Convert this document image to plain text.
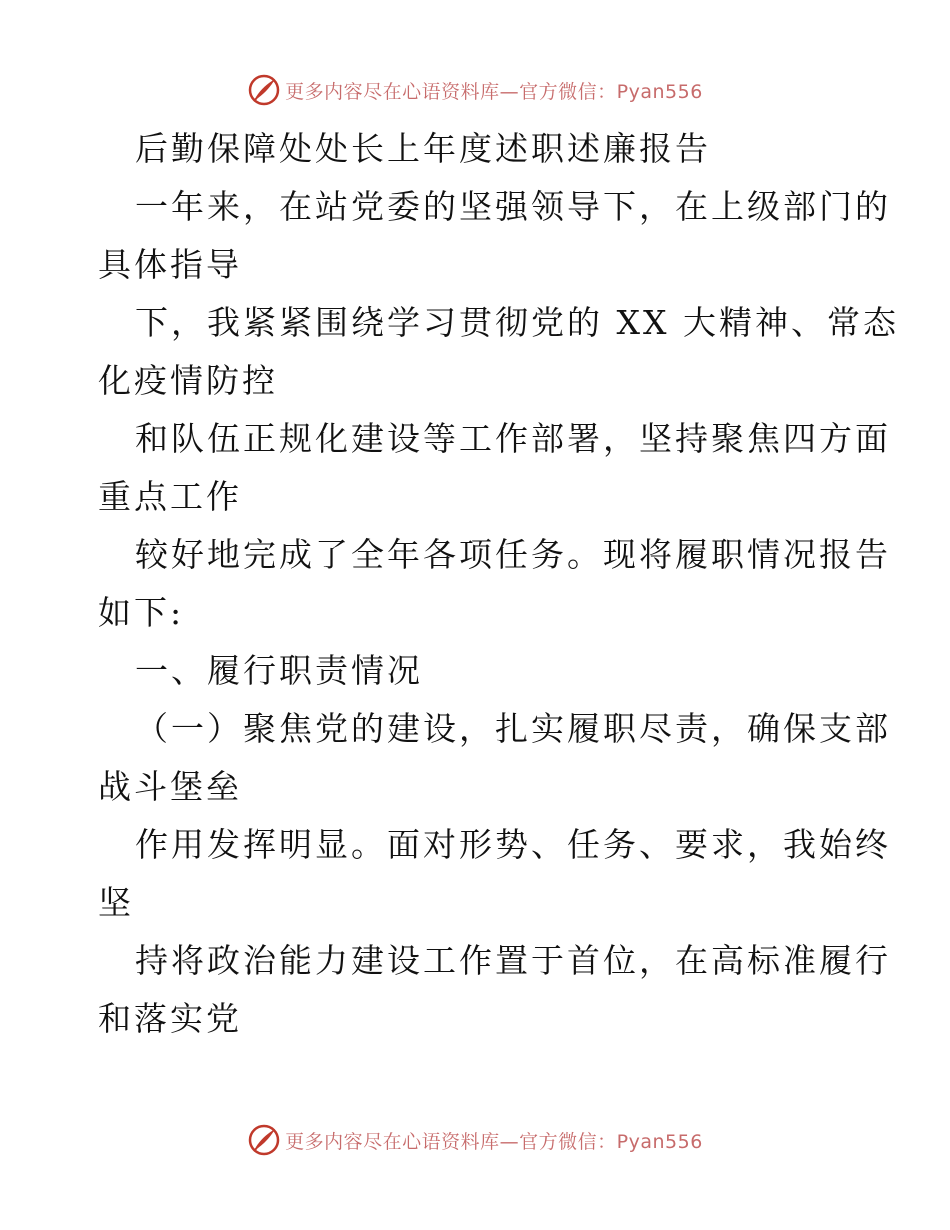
更多内容尽在心语资料库—官方微信：Pyan556
后勤保障处处长上年度述职述廉报告
一年来，在站党委的坚强领导下，在上级部门的
具体指导
下，我紧紧围绕学习贯彻党的 XX 大精神、常态
化疫情防控
和队伍正规化建设等工作部署，坚持聚焦四方面
重点工作
较好地完成了全年各项任务。现将履职情况报告
如下:
一、履行职责情况
（一）聚焦党的建设，扎实履职尽责，确保支部
战斗堡垒
作用发挥明显。面对形势、任务、要求，我始终
坚
持将政治能力建设工作置于首位，在高标准履行
和落实党
更多内容尽在心语资料库—官方微信：Pyan556
